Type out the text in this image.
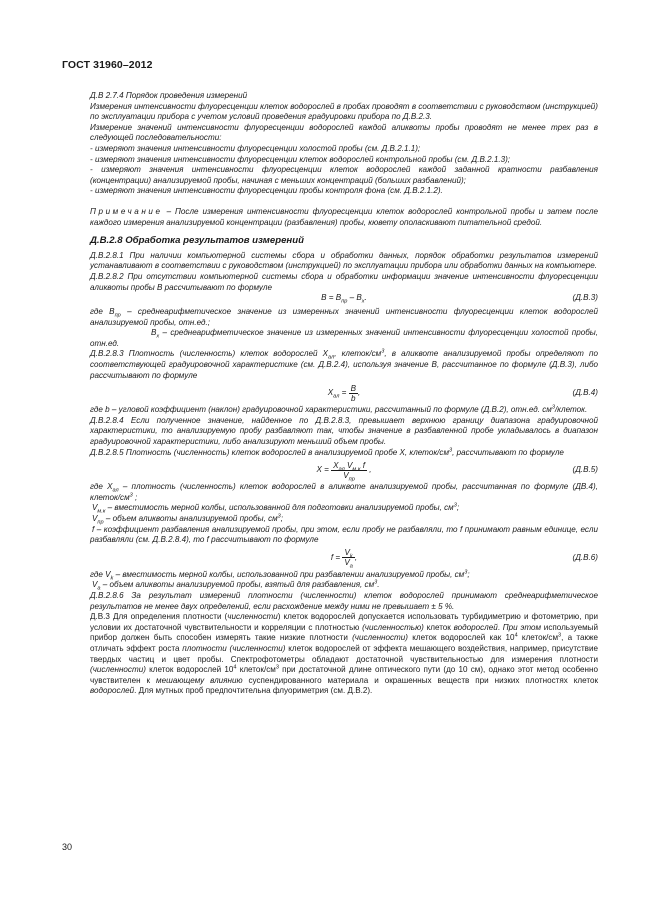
ГОСТ 31960–2012

Д.В 2.7.4 Порядок проведения измерений

Измерения интенсивности флуоресценции клеток водорослей в пробах проводят в соответствии с руководством (инструкцией) по эксплуатации прибора с учетом условий проведения градуировки прибора по Д.В.2.3.

Измерение значений интенсивности флуоресценции водорослей каждой аликвоты пробы проводят не менее трех раз в следующей последовательности:

- измеряют значения интенсивности флуоресценции холостой пробы (см. Д.В.2.1.1);

- измеряют значения интенсивности флуоресценции клеток водорослей контрольной пробы (см. Д.В.2.1.3);

- измеряют значения интенсивности флуоресценции клеток водорослей каждой заданной кратности разбавления (концентрации) анализируемой пробы, начиная с меньших концентраций (больших разбавлений);

- измеряют значения интенсивности флуоресценции пробы контроля фона (см. Д.В.2.1.2).

Примечание – После измерения интенсивности флуоресценции клеток водорослей контрольной пробы и затем после каждого измерения анализируемой концентрации (разбавления) пробы, кювету ополаскивают питательной средой.

Д.В.2.8 Обработка результатов измерений

Д.В.2.8.1 При наличии компьютерной системы сбора и обработки данных, порядок обработки результатов измерений устанавливают в соответствии с руководством (инструкцией) по эксплуатации прибора или обработки данных на компьютере.

Д.В.2.8.2 При отсутствии компьютерной системы сбора и обработки информации значение интенсивности флуоресценции аликвоты пробы В рассчитывают по формуле

$B = B_{пр} - B_x$.	(Д.В.3)

где $В_{пр}$ – среднеарифметическое значение из измеренных значений интенсивности флуоресценции клеток водорослей анализируемой пробы, отн.ед.;

$В_x$ – среднеарифметическое значение из измеренных значений интенсивности флуоресценции холостой пробы, отн.ед.

Д.В.2.8.3 Плотность (численность) клеток водорослей $X_{ал}$, клеток/$см^3$, в аликвоте анализируемой пробы определяют по соответствующей градуировочной характеристике (см. Д.В.2.4), используя значение В, рассчитанное по формуле (Д.В.3), либо рассчитывают по формуле

$X_{ал} = \frac{B}{b}$ ,	(Д.В.4)

где b – угловой коэффициент (наклон) градуировочной характеристики, рассчитанный по формуле (Д.В.2), отн.ед. $см^3$/клеток.

Д.В.2.8.4 Если полученное значение, найденное по Д.В.2.8.3, превышает верхнюю границу диапазона градуировочной характеристики, то анализируемую пробу разбавляют так, чтобы значение в разбавленной пробе укладывалось в диапазон градуировочной характеристики, либо анализируют меньший объем пробы.

Д.В.2.8.5 Плотность (численность) клеток водорослей в анализируемой пробе X, клеток/$см^3$, рассчитывают по формуле

$X = \frac{X_{ал} V_{м.к} f}{V_{пр}}$ ,	(Д.В.5)

где $X_{ал}$ – плотность (численность) клеток водорослей в аликвоте анализируемой пробы, рассчитанная по формуле (ДВ.4), клеток/$см^3$ ;

$V_{м.к}$ – вместимость мерной колбы, использованной для подготовки анализируемой пробы, $см^3$;

$V_{пр}$ – объем аликвоты анализируемой пробы, $см^3$;

f – коэффициент разбавления анализируемой пробы, при этом, если пробу не разбавляли, то f принимают равным единице, если разбавляли (см. Д.В.2.8.4), то f рассчитывают по формуле

$f = \frac{V_k}{V_a}$ ,	(Д.В.6)

где $V_k$ – вместимость мерной колбы, использованной при разбавлении анализируемой пробы, $см^3$;

$V_a$ – объем аликвоты анализируемой пробы, взятый для разбавления, $см^3$.

Д.В.2.8.6 За результат измерений плотности (численности) клеток водорослей принимают среднеарифметическое результатов не менее двух определений, если расхождение между ними не превышает ± 5 %.

Д.В.3 Для определения плотности (численности) клеток водорослей допускается использовать турбидиметрию и фотометрию, при условии их достаточной чувствительности и корреляции с плотностью (численностью) клеток водорослей. При этом используемый прибор должен быть способен измерять такие низкие плотности (численности) клеток водорослей как $10^4$ клеток/$см^3$, а также отличать эффект роста плотности (численности) клеток водорослей от эффекта мешающего воздействия, например, присутствие твердых частиц и цвет пробы. Спектрофотометры обладают достаточной чувствительностью для измерения плотности (численности) клеток водорослей $10^4$ клеток/$см^3$ при достаточной длине оптического пути (до 10 см), однако этот метод особенно чувствителен к мешающему влиянию суспендированного материала и окрашенных веществ при низких плотностях клеток водорослей. Для мутных проб предпочтительна флуориметрия (см. Д.В.2).

30
